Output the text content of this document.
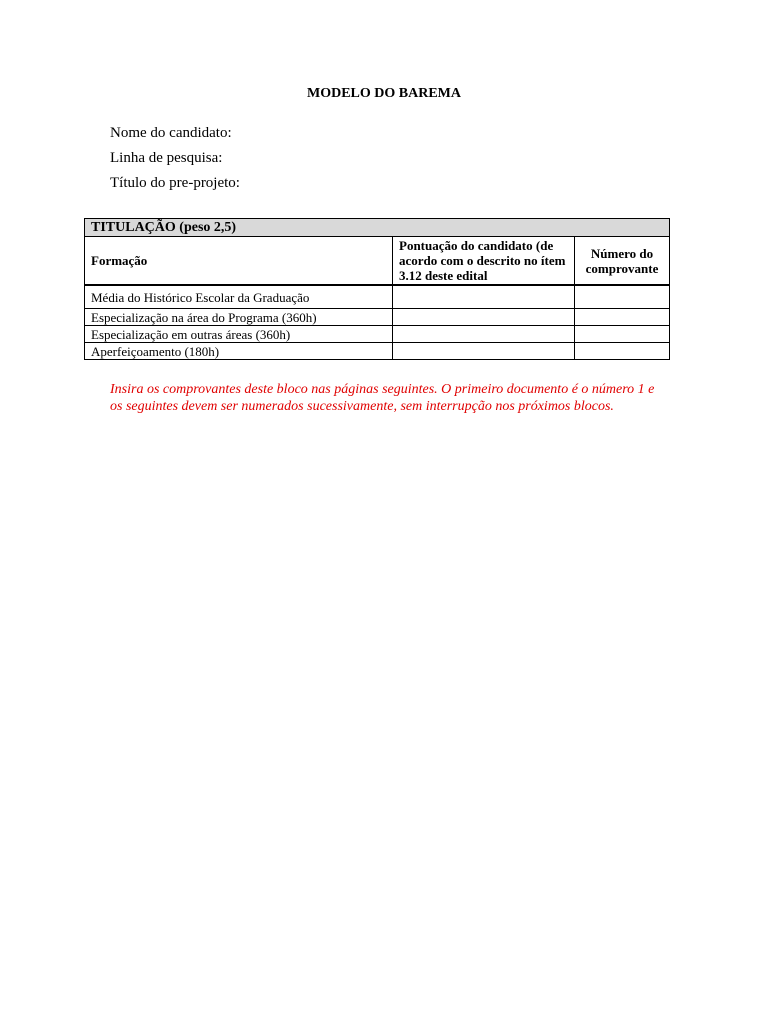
MODELO DO BAREMA
Nome do candidato:
Linha de pesquisa:
Título do pre-projeto:
TITULAÇÃO (peso 2,5)		
Formação	Pontuação do candidato (de acordo com o descrito no ítem 3.12 deste edital	Número do comprovante
Média do Histórico Escolar da Graduação		
Especialização na área do Programa (360h)		
Especialização em outras áreas (360h)		
Aperfeiçoamento (180h)		
Insira os comprovantes deste bloco nas páginas seguintes. O primeiro documento é o número 1 e os seguintes devem ser numerados sucessivamente, sem interrupção nos próximos blocos.
